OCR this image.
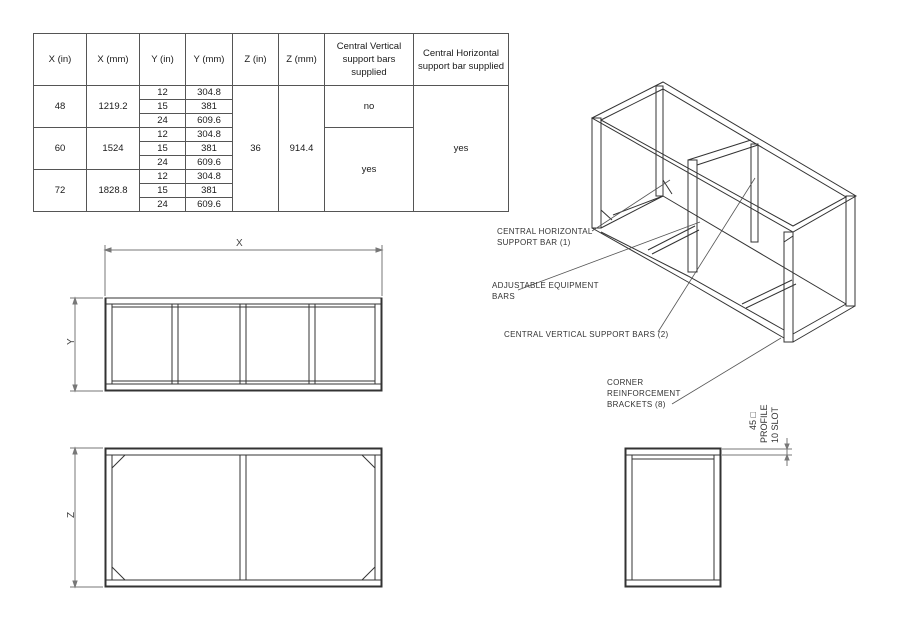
X
Y
Z
X (in)	X (mm)	Y (in)	Y (mm)	Z (in)	Z (mm)	Central Vertical support bars supplied	Central Horizontal support bar supplied
48	1219.2	12	304.8	36	914.4	no	yes
		15	381				
		24	609.6				
60	1524	12	304.8			yes	
		15	381				
		24	609.6				
72	1828.8	12	304.8				
		15	381				
		24	609.6				
CENTRAL HORIZONTAL
SUPPORT BAR (1)
ADJUSTABLE EQUIPMENT
BARS
CENTRAL VERTICAL SUPPORT BARS (2)
CORNER
REINFORCEMENT
BRACKETS (8)
45 □ PROFILE 10 SLOT
